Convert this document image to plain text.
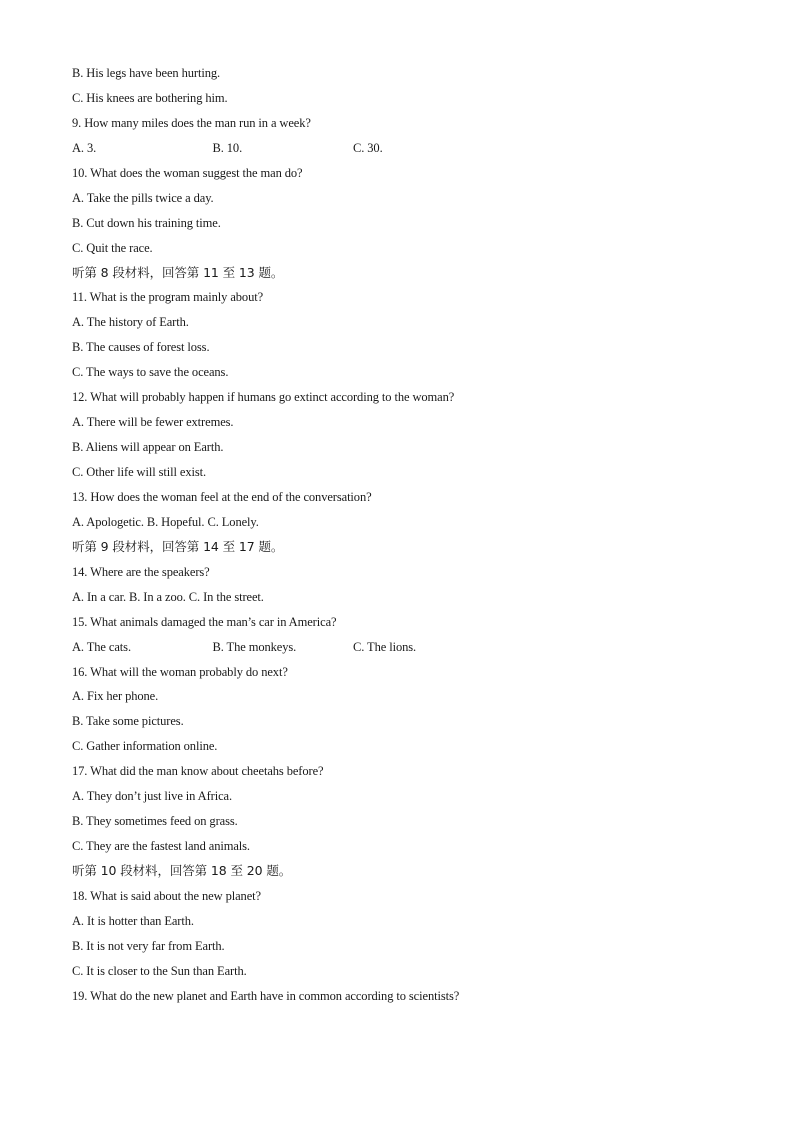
B. His legs have been hurting.
C. His knees are bothering him.
9. How many miles does the man run in a week?
A. 3.	B. 10.	C. 30.
10. What does the woman suggest the man do?
A. Take the pills twice a day.
B. Cut down his training time.
C. Quit the race.
听第 8 段材料，回答第 11 至 13 题。
11. What is the program mainly about?
A. The history of Earth.
B. The causes of forest loss.
C. The ways to save the oceans.
12. What will probably happen if humans go extinct according to the woman?
A. There will be fewer extremes.
B. Aliens will appear on Earth.
C. Other life will still exist.
13. How does the woman feel at the end of the conversation?
A. Apologetic. B. Hopeful. C. Lonely.
听第 9 段材料，回答第 14 至 17 题。
14. Where are the speakers?
A. In a car. B. In a zoo. C. In the street.
15. What animals damaged the man’s car in America?
A. The cats.	B. The monkeys.	C. The lions.
16. What will the woman probably do next?
A. Fix her phone.
B. Take some pictures.
C. Gather information online.
17. What did the man know about cheetahs before?
A. They don’t just live in Africa.
B. They sometimes feed on grass.
C. They are the fastest land animals.
听第 10 段材料，回答第 18 至 20 题。
18. What is said about the new planet?
A. It is hotter than Earth.
B. It is not very far from Earth.
C. It is closer to the Sun than Earth.
19. What do the new planet and Earth have in common according to scientists?
